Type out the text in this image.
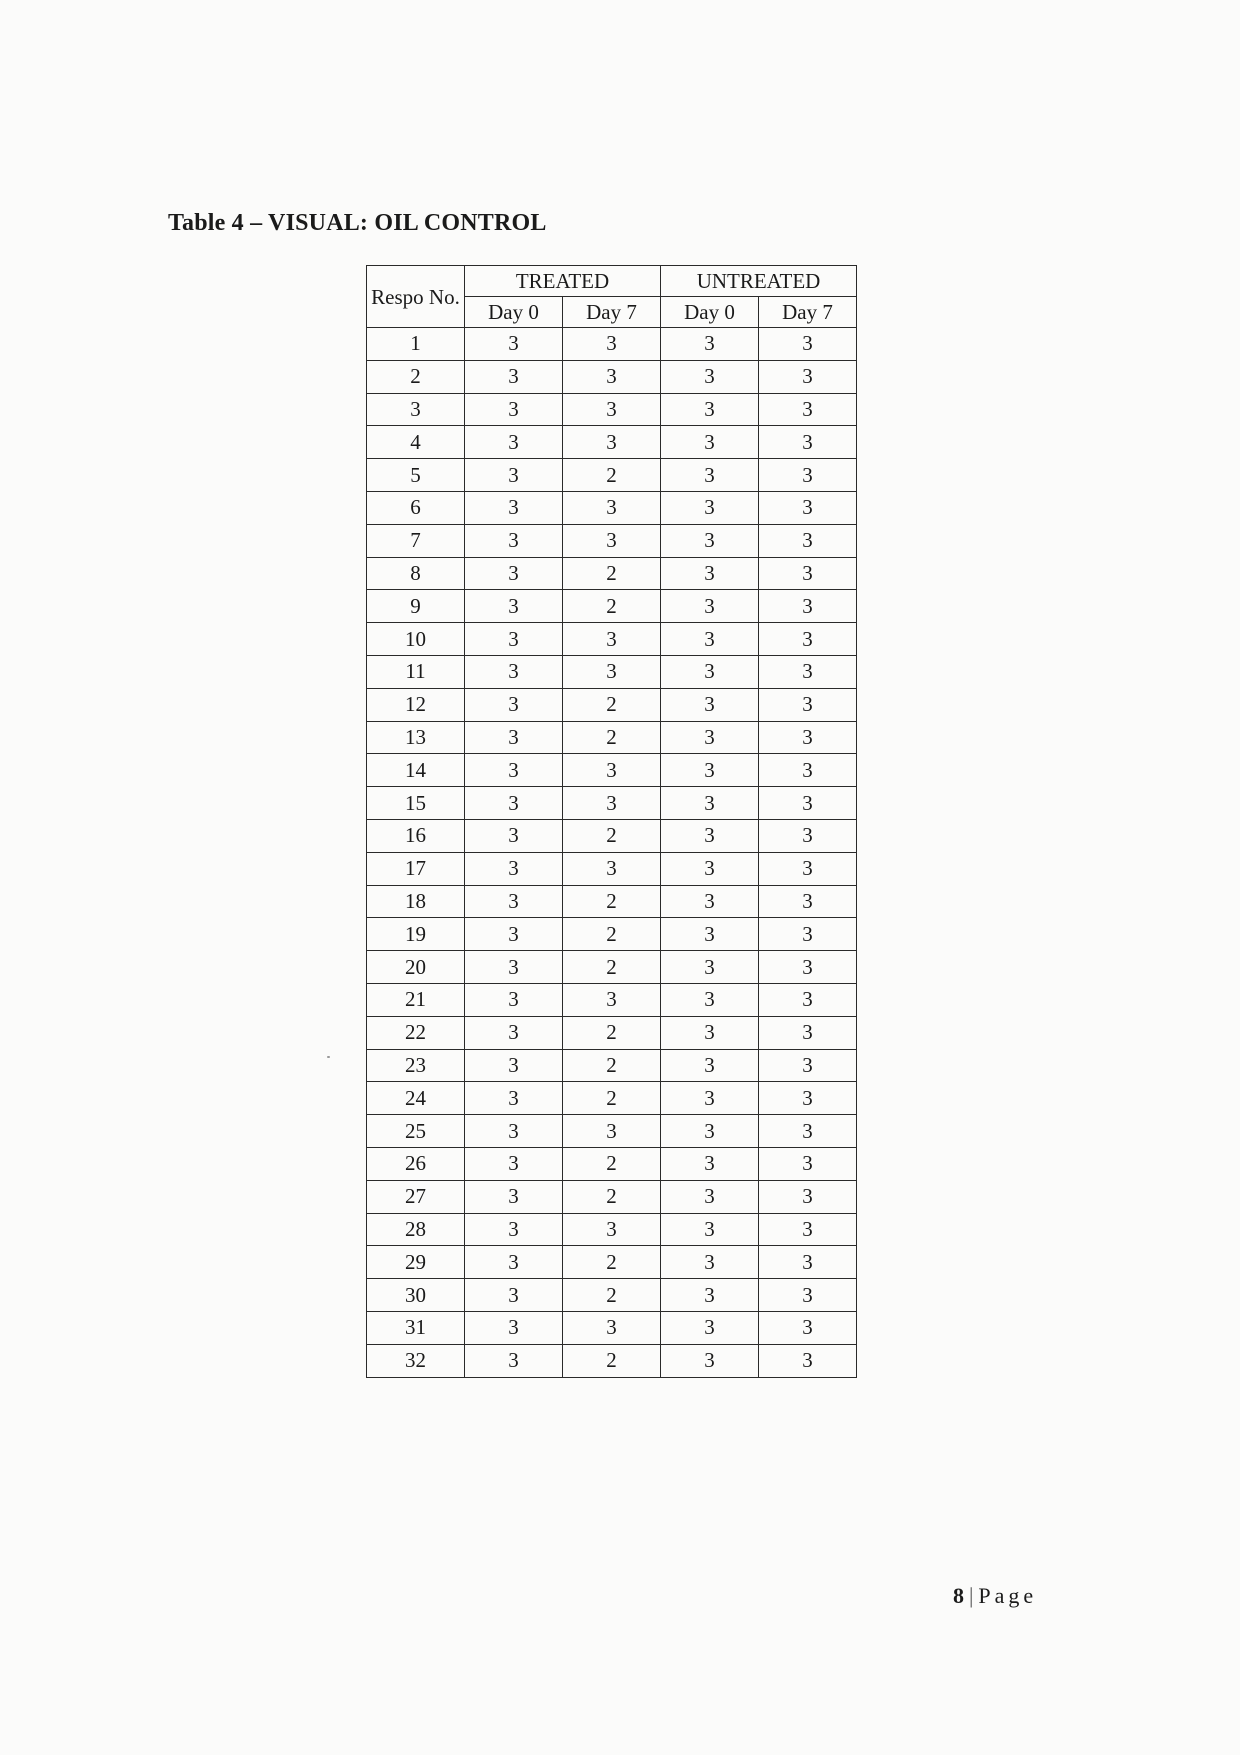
Table 4 – VISUAL: OIL CONTROL
Respo No.	TREATED		UNTREATED	
	Day 0	Day 7	Day 0	Day 7
1	3	3	3	3
2	3	3	3	3
3	3	3	3	3
4	3	3	3	3
5	3	2	3	3
6	3	3	3	3
7	3	3	3	3
8	3	2	3	3
9	3	2	3	3
10	3	3	3	3
11	3	3	3	3
12	3	2	3	3
13	3	2	3	3
14	3	3	3	3
15	3	3	3	3
16	3	2	3	3
17	3	3	3	3
18	3	2	3	3
19	3	2	3	3
20	3	2	3	3
21	3	3	3	3
22	3	2	3	3
23	3	2	3	3
24	3	2	3	3
25	3	3	3	3
26	3	2	3	3
27	3	2	3	3
28	3	3	3	3
29	3	2	3	3
30	3	2	3	3
31	3	3	3	3
32	3	2	3	3
8 | Page
